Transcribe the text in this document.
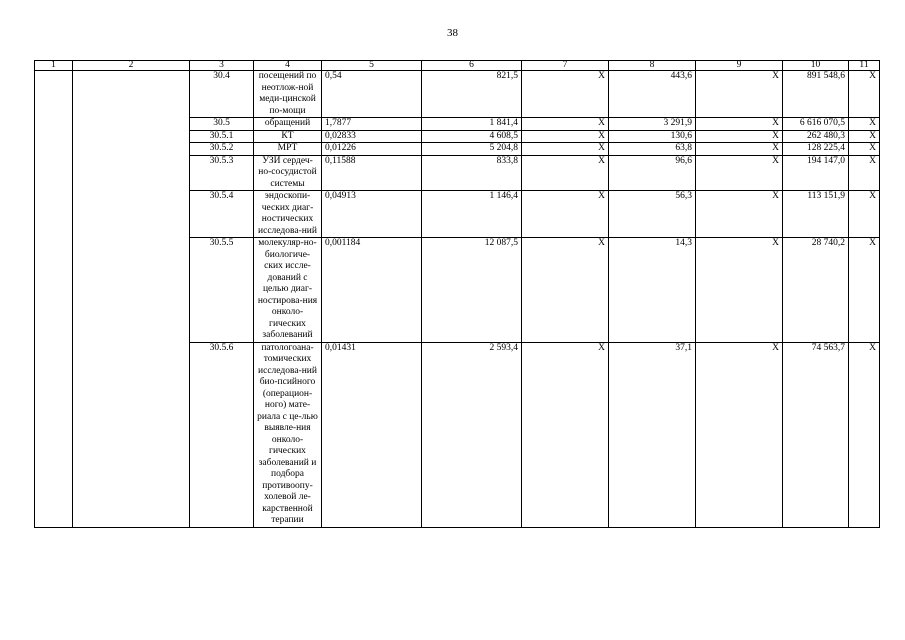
38
1	2	3	4	5	6	7	8	9	10	11
		30.4	посещений по неотлож-ной меди-цинской по-мощи	0,54	821,5	X	443,6	X	891 548,6	X
		30.5	обращений	1,7877	1 841,4	X	3 291,9	X	6 616 070,5	X
		30.5.1	КТ	0,02833	4 608,5	X	130,6	X	262 480,3	X
		30.5.2	МРТ	0,01226	5 204,8	X	63,8	X	128 225,4	X
		30.5.3	УЗИ сердеч-но-сосудистой системы	0,11588	833,8	X	96,6	X	194 147,0	X
		30.5.4	эндоскопи-ческих диаг-ностических исследова-ний	0,04913	1 146,4	X	56,3	X	113 151,9	X
		30.5.5	молекуляр-но-биологиче-ских иссле-дований с целью диаг-ностирова-ния онколо-гических заболеваний	0,001184	12 087,5	X	14,3	X	28 740,2	X
		30.5.6	патологоана-томических исследова-ний био-псийного (операцион-ного) мате-риала с це-лью выявле-ния онколо-гических заболеваний и подбора противоопу-холевой ле-карственной терапии	0,01431	2 593,4	X	37,1	X	74 563,7	X
